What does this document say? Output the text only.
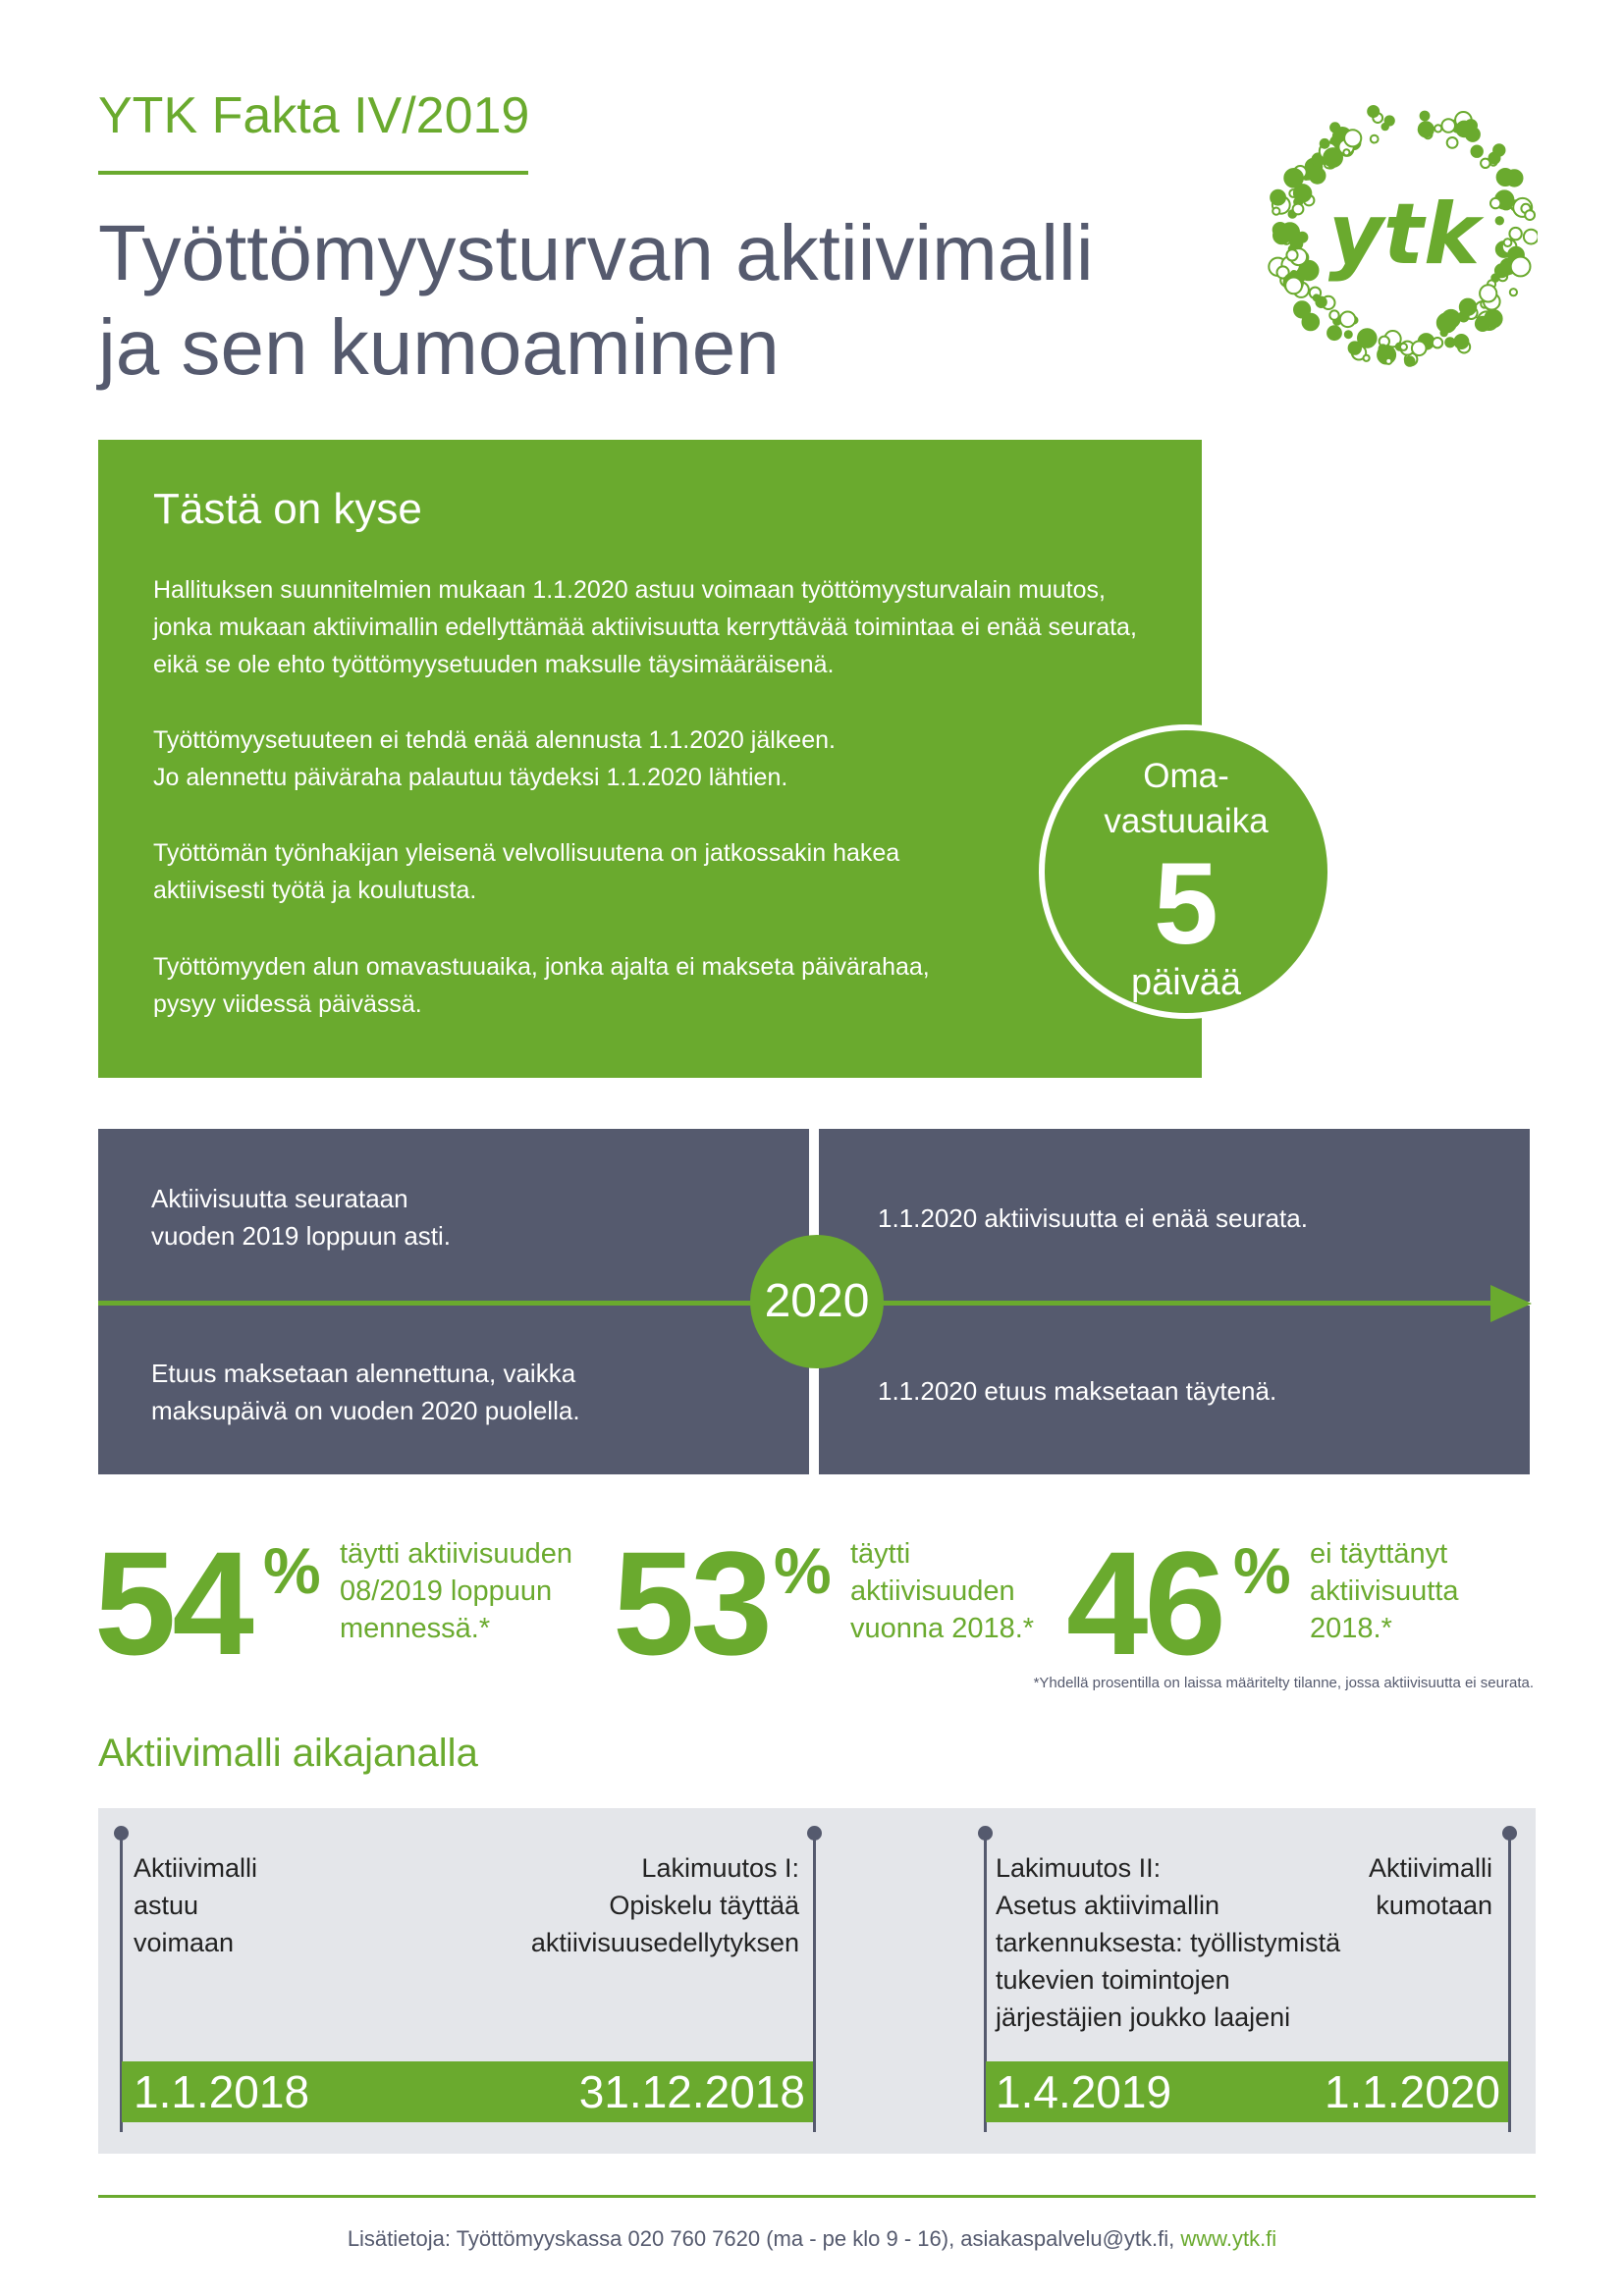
YTK Fakta IV/2019
Työttömyysturvan aktiivimalli
ja sen kumoaminen
ytk
Tästä on kyse

Hallituksen suunnitelmien mukaan 1.1.2020 astuu voimaan työttömyysturvalain muutos,
jonka mukaan aktiivimallin edellyttämää aktiivisuutta kerryttävää toimintaa ei enää seurata,
eikä se ole ehto työttömyysetuuden maksulle täysimääräisenä.

Työttömyysetuuteen ei tehdä enää alennusta 1.1.2020 jälkeen.
Jo alennettu päiväraha palautuu täydeksi 1.1.2020 lähtien.

Työttömän työnhakijan yleisenä velvollisuutena on jatkossakin hakea
aktiivisesti työtä ja koulutusta.

Työttömyyden alun omavastuuaika, jonka ajalta ei makseta päivärahaa,
pysyy viidessä päivässä.

Oma-
vastuuaika
5
päivää
Aktiivisuutta seurataan
vuoden 2019 loppuun asti.
Etuus maksetaan alennettuna, vaikka
maksupäivä on vuoden 2020 puolella.
1.1.2020 aktiivisuutta ei enää seurata.
1.1.2020 etuus maksetaan täytenä.
2020
54 % täytti aktiivisuuden
08/2019 loppuun
mennessä.* 53 % täytti
aktiivisuuden
vuonna 2018.* 46 % ei täyttänyt
aktiivisuutta
2018.*
*Yhdellä prosentilla on laissa määritelty tilanne, jossa aktiivisuutta ei seurata.
Aktiivimalli aikajanalla
Aktiivimalli
astuu
voimaan
Lakimuutos I:
Opiskelu täyttää
aktiivisuusedellytyksen
Lakimuutos II:
Asetus aktiivimallin
tarkennuksesta: työllistymistä
tukevien toimintojen
järjestäjien joukko laajeni
Aktiivimalli
kumotaan
1.1.2018	31.12.2018	1.4.2019	1.1.2020
Lisätietoja: Työttömyyskassa 020 760 7620 (ma - pe klo 9 - 16), asiakaspalvelu@ytk.fi, www.ytk.fi
